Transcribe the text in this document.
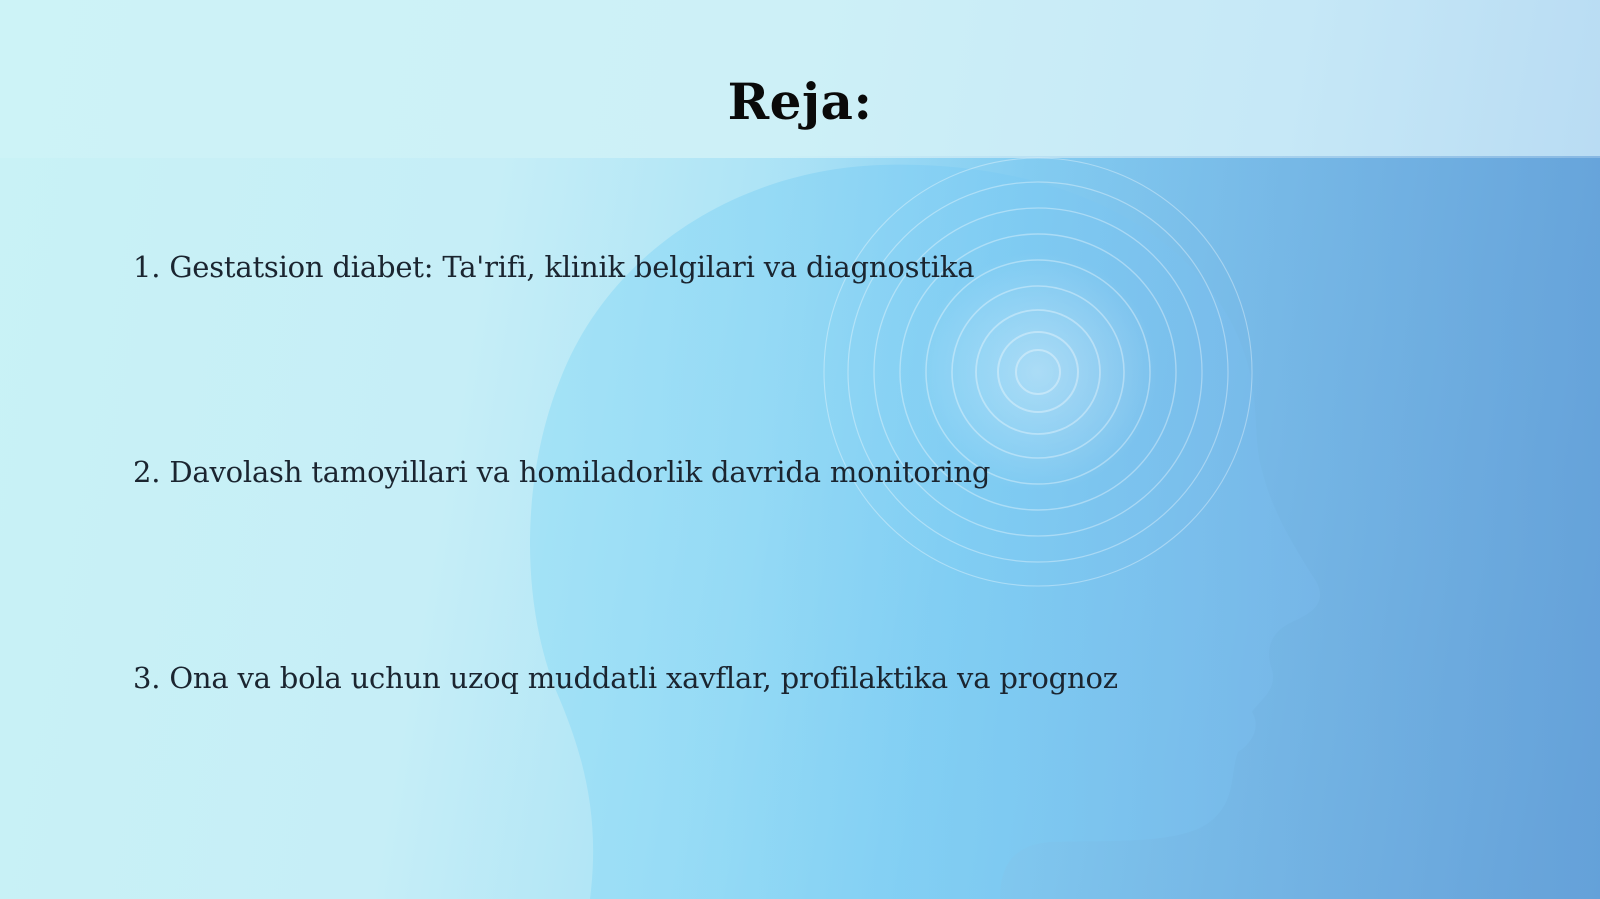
Reja:
1. Gestatsion diabet: Ta'rifi, klinik belgilari va diagnostika
2. Davolash tamoyillari va homiladorlik davrida monitoring
3. Ona va bola uchun uzoq muddatli xavflar, profilaktika va prognoz
